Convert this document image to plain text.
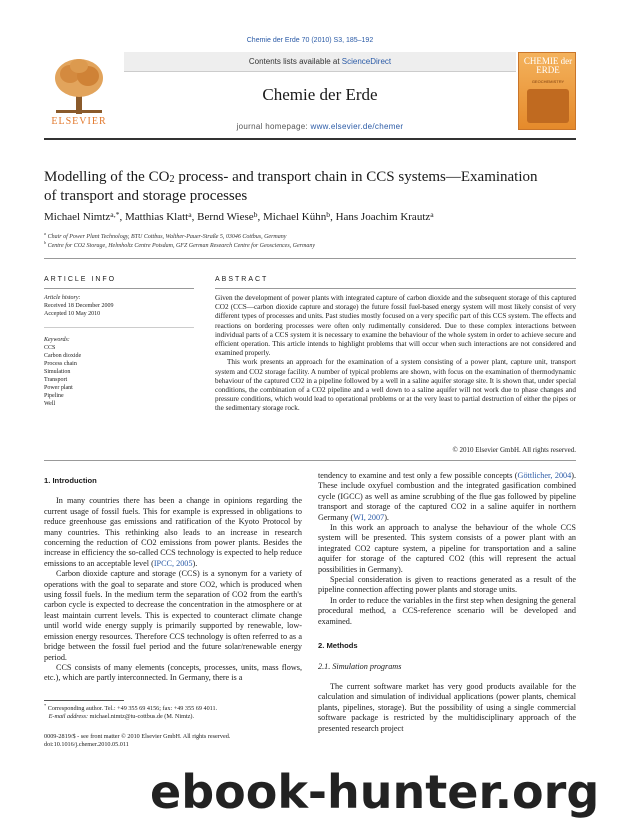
Chemie der Erde 70 (2010) S3, 185–192
ELSEVIER
Contents lists available at ScienceDirect
Chemie der Erde
journal homepage: www.elsevier.de/chemer
CHEMIE der ERDE
GEOCHEMISTRY
Modelling of the $CO_2$ process- and transport chain in CCS systems—Examination
of transport and storage processes
Michael Nimtz$^{a,*}$, Matthias Klatt$^a$, Bernd Wiese$^b$, Michael Kühn$^b$, Hans Joachim Krautz$^a$
$^a$ Chair of Power Plant Technology, BTU Cottbus, Walther-Pauer-Straße 5, 03046 Cottbus, Germany
$^b$ Centre for CO2 Storage, Helmholtz Centre Potsdam, GFZ German Research Centre for Geosciences, Germany
ARTICLE INFO	ABSTRACT
Article history:
Received 18 December 2009
Accepted 10 May 2010
Keywords:
CCS
Carbon dioxide
Process chain
Simulation
Transport
Power plant
Pipeline
Well

Given the development of power plants with integrated capture of carbon dioxide and the subsequent storage of this captured CO2 (CCS—carbon dioxide capture and storage) the future fossil fuel-based energy system will most likely consist of very different types of processes and units. Past studies mostly focused on a very specific part of this CCS system. The effects and reactions on bordering processes were often only rudimentally considered. Due to these complex interactions between individual parts of a CCS system it is necessary to examine the behaviour of the whole system in order to achieve secure and efficient operation. This article intends to highlight problems that will occur when such interactions are not considered and examined properly.

This work presents an approach for the examination of a system consisting of a power plant, capture unit, transport system and CO2 storage facility. A number of typical problems are shown, with focus on the examination of thermodynamic behaviour of the captured CO2 in a pipeline followed by a well in a saline aquifer storage site. It is shown that, under special conditions, the combination of a CO2 pipeline and a well down to a saline aquifer will not work due to phase changes and pressure conditions, which would lead to operational problems or at the very least to partial destruction of either the pipes or the sedimentary storage rock.

© 2010 Elsevier GmbH. All rights reserved.

1. Introduction

In many countries there has been a change in opinions regarding the current usage of fossil fuels. This for example is expressed in obligations to reduce greenhouse gas emissions and ratification of the Kyoto Protocol by many countries. This rethinking also leads to an increase in research concerning the reduction of CO2 emissions from power plants. Besides the increase in efficiency the so-called CCS technology is expected to help reduce emissions to an acceptable level (IPCC, 2005).

Carbon dioxide capture and storage (CCS) is a synonym for a variety of operations with the goal to separate and store CO2, which is produced when using fossil fuels. In the medium term the separation of CO2 from the earth's carbon cycle is expected to decrease the concentration in the atmosphere or at least maintain current levels. This is expected to counteract climate change until world wide energy supply is primarily supported by renewable, low-emission energy resources. Therefore CCS technology is often referred to as a bridge between the fossil fuel period and the future solar/renewable energy period.

CCS consists of many elements (concepts, processes, units, mass flows, etc.), which are partly interconnected. In Germany, there is a

tendency to examine and test only a few possible concepts (Göttlicher, 2004). These include oxyfuel combustion and the integrated gasification combined cycle (IGCC) as well as amine scrubbing of the flue gas followed by pipeline transport and storage of the captured CO2 in a saline aquifer in northern Germany (WI, 2007).

In this work an approach to analyse the behaviour of the whole CCS system will be presented. This system consists of a power plant with an integrated CO2 capture system, a pipeline for transportation and a saline aquifer for storage of the captured CO2 (this will represent the actual possibilities in Germany).

Special consideration is given to reactions generated as a result of the pipeline connection affecting power plants and storage units.

In order to reduce the variables in the first step when designing the general procedural method, a CCS-reference scenario will be developed and examined.

2. Methods

2.1. Simulation programs

The current software market has very good products available for the calculation and simulation of individual applications (power plants, chemical plants, pipelines, storage). But the possibility of using a single commercial software package is restricted by the multidisciplinary approach of the presented research project

* Corresponding author. Tel.: +49 355 69 4156; fax: +49 355 69 4011.
E-mail address: michael.nimtz@tu-cottbus.de (M. Nimtz).
0009-2819/$ - see front matter © 2010 Elsevier GmbH. All rights reserved.
doi:10.1016/j.chemer.2010.05.011
ebook-hunter.org
